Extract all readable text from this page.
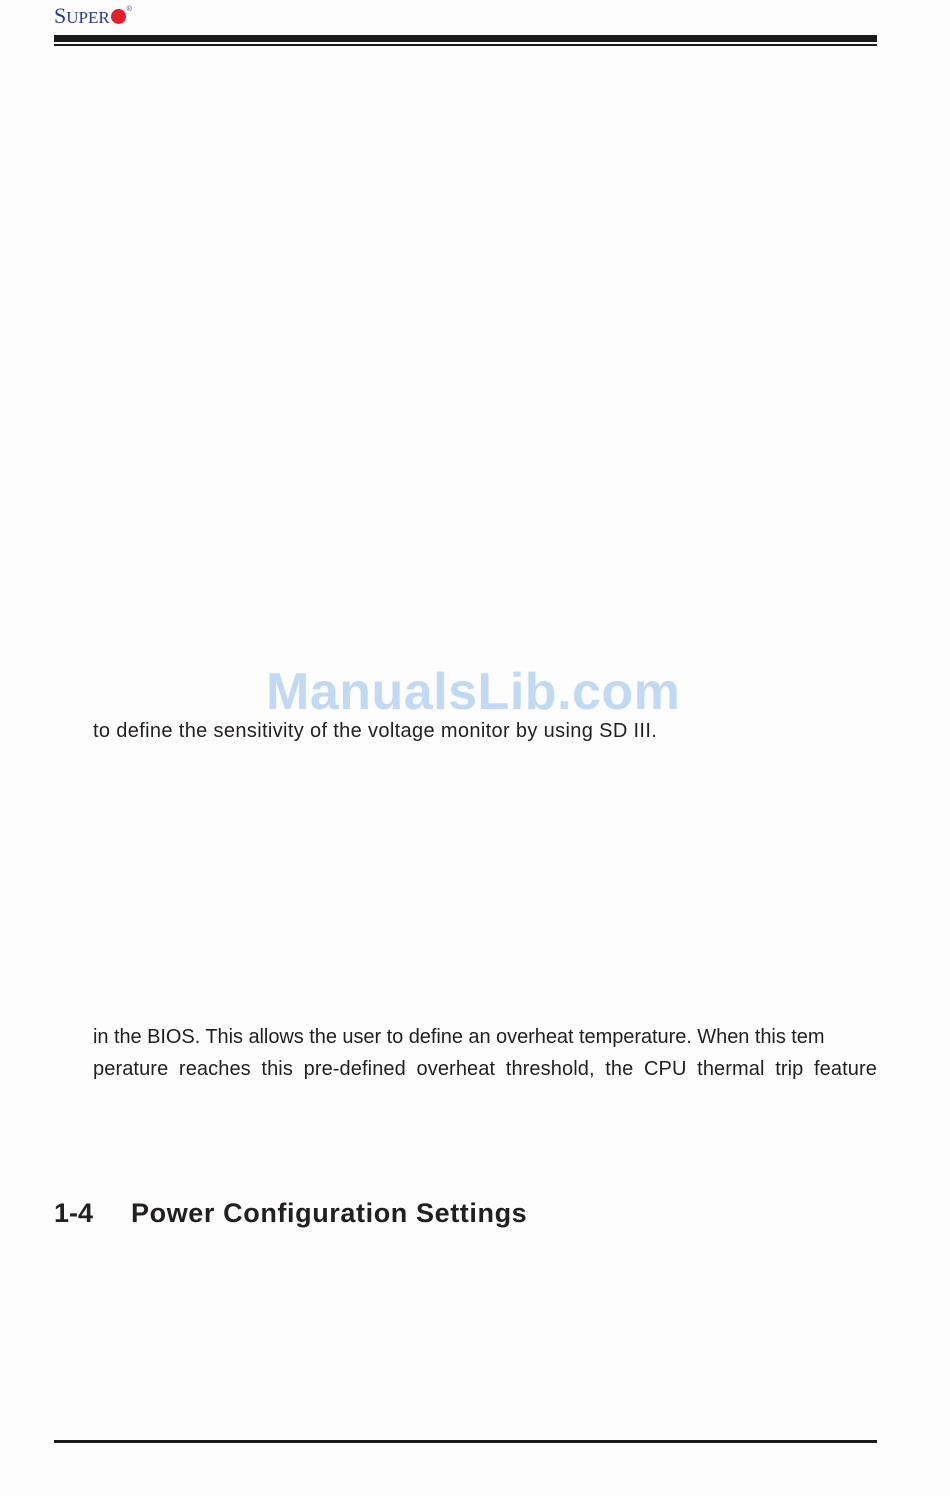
SUPER ®
ManualsLib.com
to define the sensitivity of the voltage monitor by using SD III.
in the BIOS. This allows the user to define an overheat temperature. When this tem
perature reaches this pre-defined overheat threshold, the CPU thermal trip feature
1-4	Power Configuration Settings
